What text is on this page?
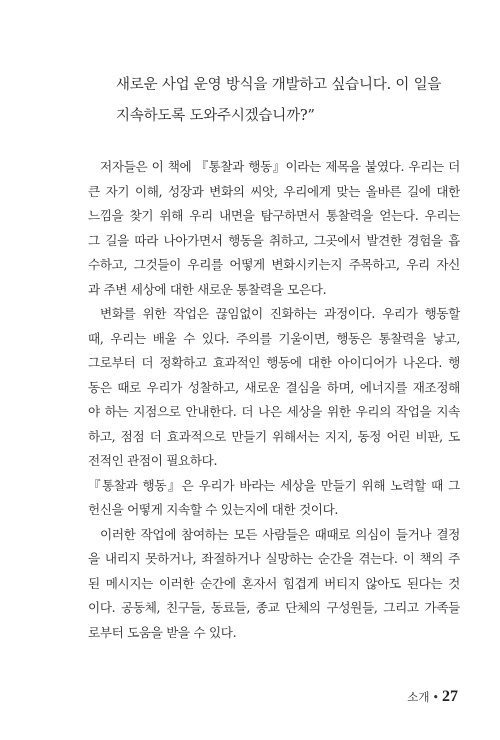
새로운 사업 운영 방식을 개발하고 싶습니다. 이 일을
지속하도록 도와주시겠습니까?”
저자들은 이 책에 『통찰과 행동』이라는 제목을 붙였다. 우리는 더
큰 자기 이해, 성장과 변화의 씨앗, 우리에게 맞는 올바른 길에 대한
느낌을 찾기 위해 우리 내면을 탐구하면서 통찰력을 얻는다. 우리는
그 길을 따라 나아가면서 행동을 취하고, 그곳에서 발견한 경험을 흡
수하고, 그것들이 우리를 어떻게 변화시키는지 주목하고, 우리 자신
과 주변 세상에 대한 새로운 통찰력을 모은다.
변화를 위한 작업은 끊임없이 진화하는 과정이다. 우리가 행동할
때, 우리는 배울 수 있다. 주의를 기울이면, 행동은 통찰력을 낳고,
그로부터 더 정확하고 효과적인 행동에 대한 아이디어가 나온다. 행
동은 때로 우리가 성찰하고, 새로운 결심을 하며, 에너지를 재조정해
야 하는 지점으로 안내한다. 더 나은 세상을 위한 우리의 작업을 지속
하고, 점점 더 효과적으로 만들기 위해서는 지지, 동정 어린 비판, 도
전적인 관점이 필요하다.
『통찰과 행동』은 우리가 바라는 세상을 만들기 위해 노력할 때 그
헌신을 어떻게 지속할 수 있는지에 대한 것이다.
이러한 작업에 참여하는 모든 사람들은 때때로 의심이 들거나 결정
을 내리지 못하거나, 좌절하거나 실망하는 순간을 겪는다. 이 책의 주
된 메시지는 이러한 순간에 혼자서 힘겹게 버티지 않아도 된다는 것
이다. 공동체, 친구들, 동료들, 종교 단체의 구성원들, 그리고 가족들
로부터 도움을 받을 수 있다.
소개 • 27
